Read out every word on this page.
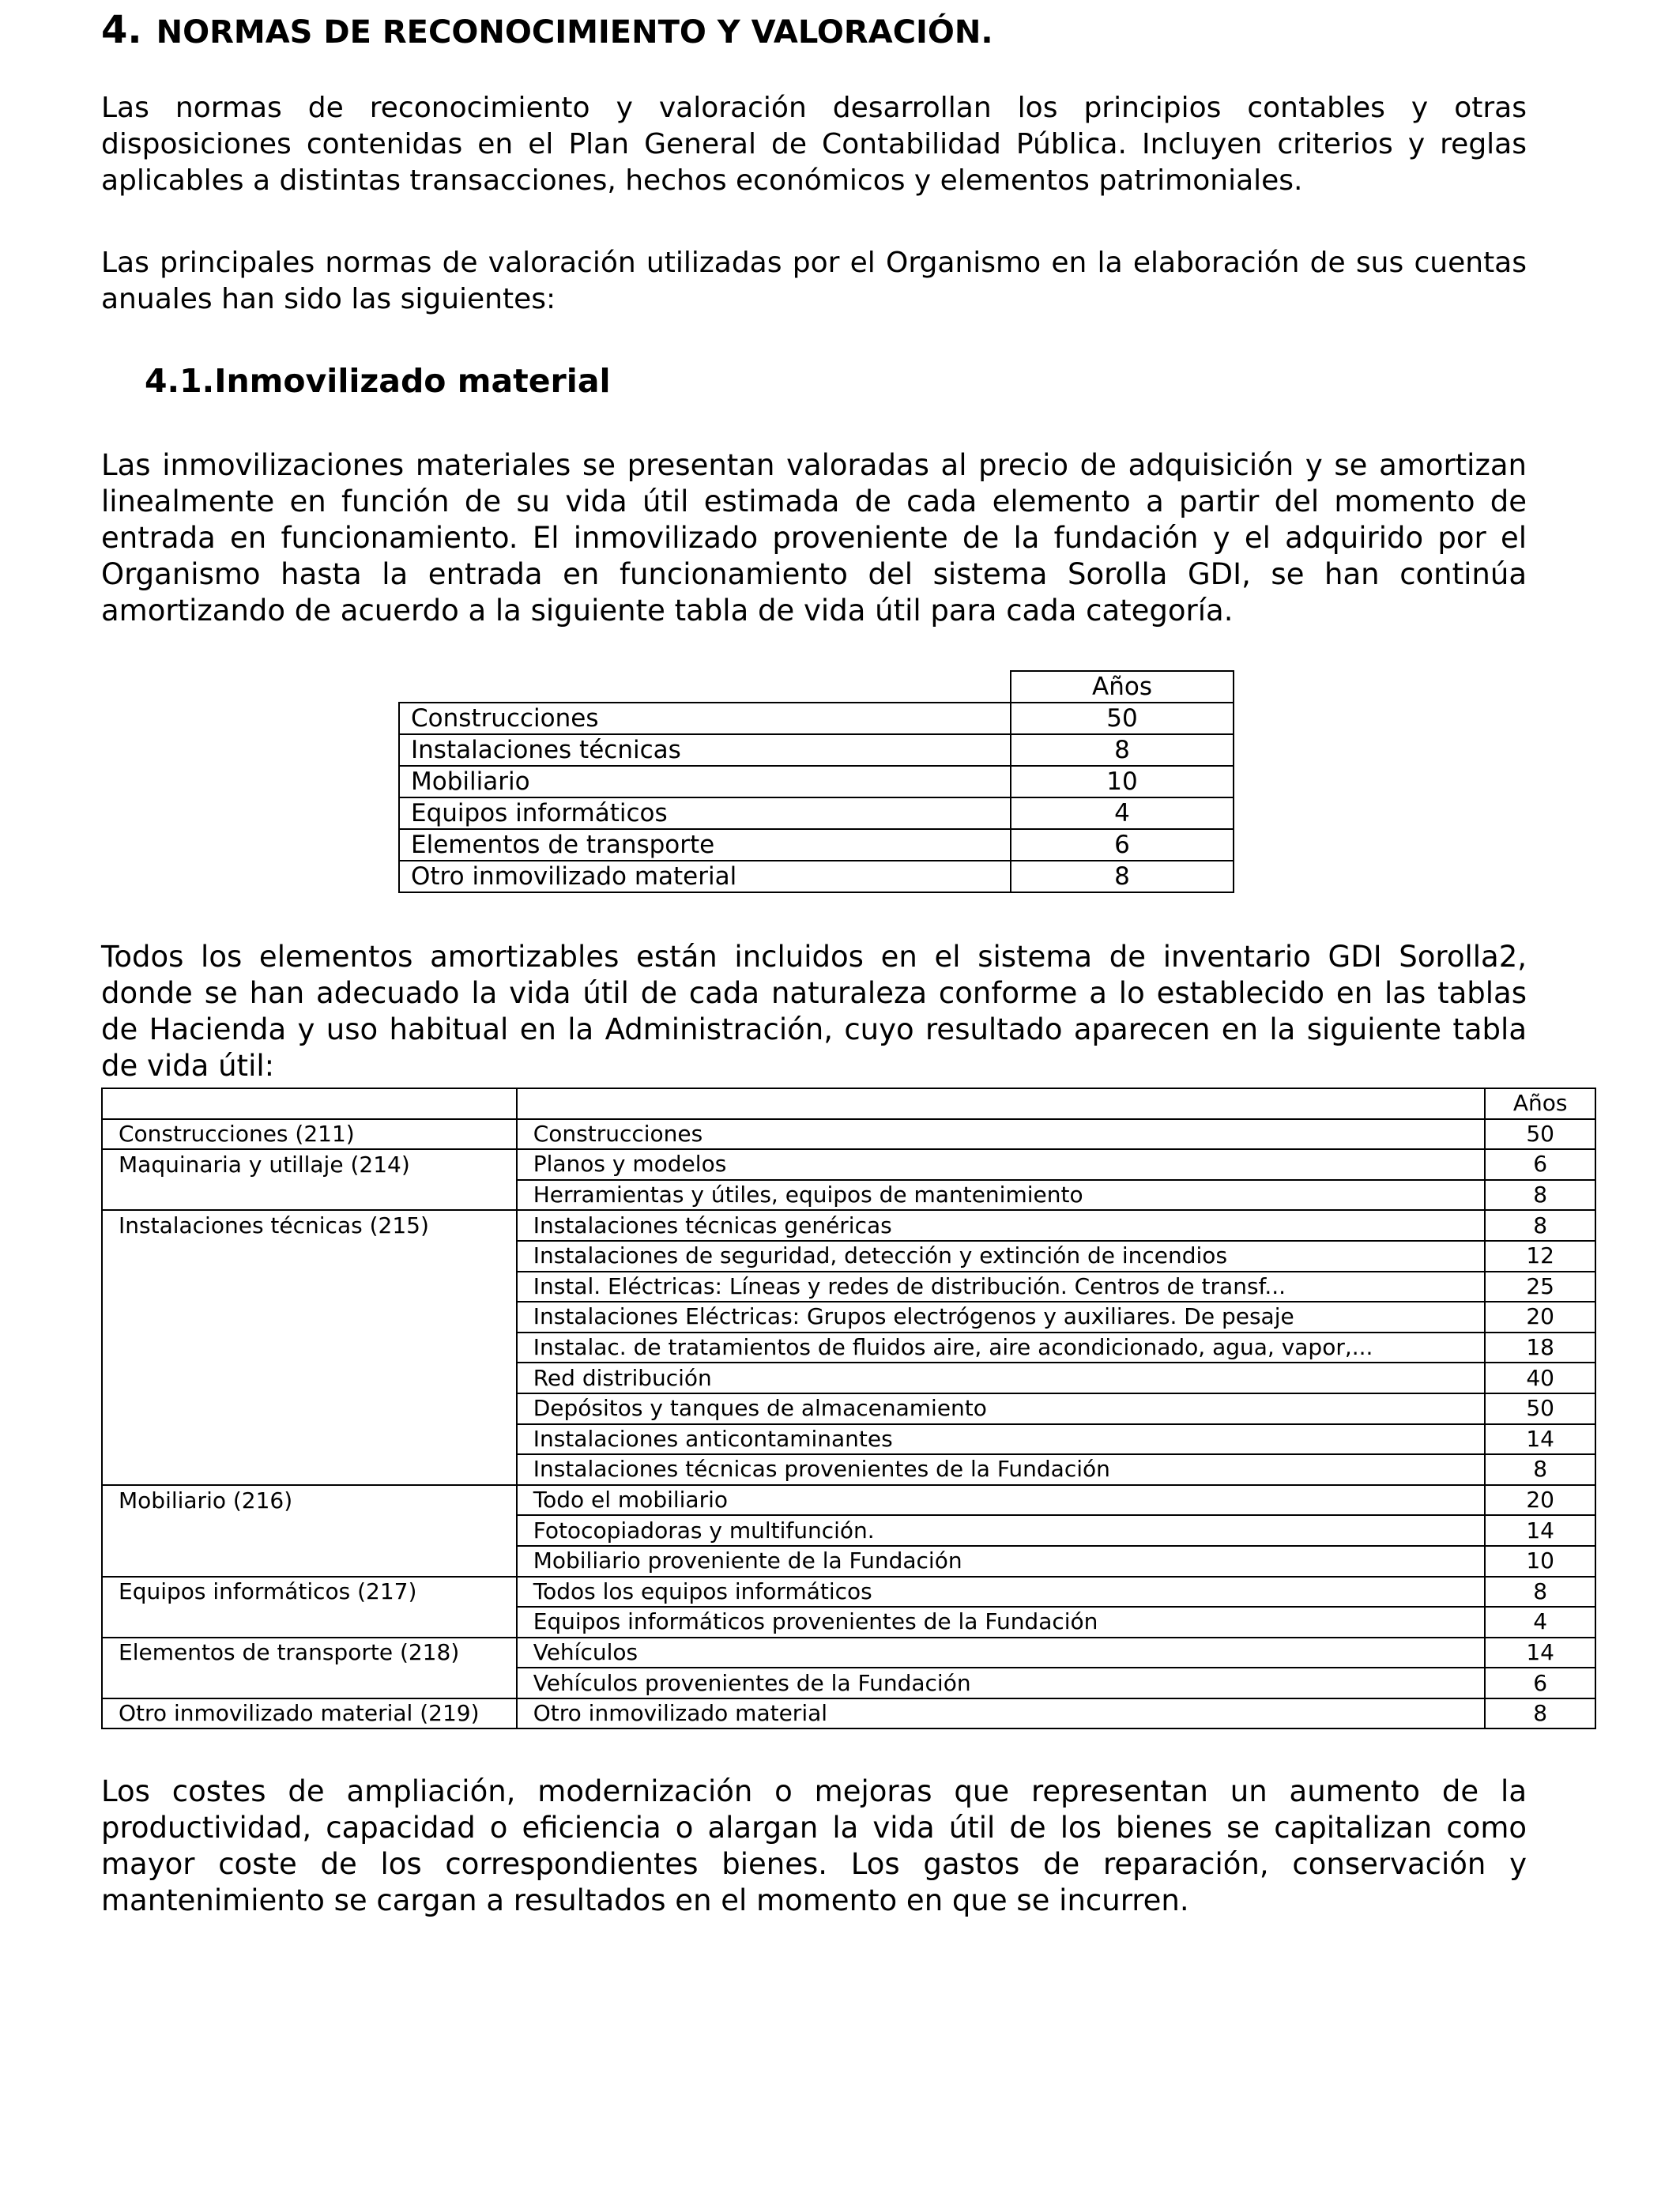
4. NORMAS DE RECONOCIMIENTO Y VALORACIÓN.
Las normas de reconocimiento y valoración desarrollan los principios contables y otras disposiciones contenidas en el Plan General de Contabilidad Pública. Incluyen criterios y reglas aplicables a distintas transacciones, hechos económicos y elementos patrimoniales.
Las principales normas de valoración utilizadas por el Organismo en la elaboración de sus cuentas anuales han sido las siguientes:
4.1.Inmovilizado material
Las inmovilizaciones materiales se presentan valoradas al precio de adquisición y se amortizan linealmente en función de su vida útil estimada de cada elemento a partir del momento de entrada en funcionamiento. El inmovilizado proveniente de la fundación y el adquirido por el Organismo hasta la entrada en funcionamiento del sistema Sorolla GDI, se han continúa amortizando de acuerdo a la siguiente tabla de vida útil para cada categoría.
	Años
Construcciones	50
Instalaciones técnicas	8
Mobiliario	10
Equipos informáticos	4
Elementos de transporte	6
Otro inmovilizado material	8
Todos los elementos amortizables están incluidos en el sistema de inventario GDI Sorolla2, donde se han adecuado la vida útil de cada naturaleza conforme a lo establecido en las tablas de Hacienda y uso habitual en la Administración, cuyo resultado aparecen en la siguiente tabla de vida útil:
		Años
Construcciones (211)	Construcciones	50
Maquinaria y utillaje (214)	Planos y modelos	6
	Herramientas y útiles, equipos de mantenimiento	8
Instalaciones técnicas (215)	Instalaciones técnicas genéricas	8
	Instalaciones de seguridad, detección y extinción de incendios	12
	Instal. Eléctricas: Líneas y redes de distribución. Centros de transf...	25
	Instalaciones Eléctricas: Grupos electrógenos y auxiliares. De pesaje	20
	Instalac. de tratamientos de fluidos aire, aire acondicionado, agua, vapor,...	18
	Red distribución	40
	Depósitos y tanques de almacenamiento	50
	Instalaciones anticontaminantes	14
	Instalaciones técnicas provenientes de la Fundación	8
Mobiliario (216)	Todo el mobiliario	20
	Fotocopiadoras y multifunción.	14
	Mobiliario proveniente de la Fundación	10
Equipos informáticos (217)	Todos los equipos informáticos	8
	Equipos informáticos provenientes de la Fundación	4
Elementos de transporte (218)	Vehículos	14
	Vehículos provenientes de la Fundación	6
Otro inmovilizado material (219)	Otro inmovilizado material	8
Los costes de ampliación, modernización o mejoras que representan un aumento de la productividad, capacidad o eficiencia o alargan la vida útil de los bienes se capitalizan como mayor coste de los correspondientes bienes. Los gastos de reparación, conservación y mantenimiento se cargan a resultados en el momento en que se incurren.
